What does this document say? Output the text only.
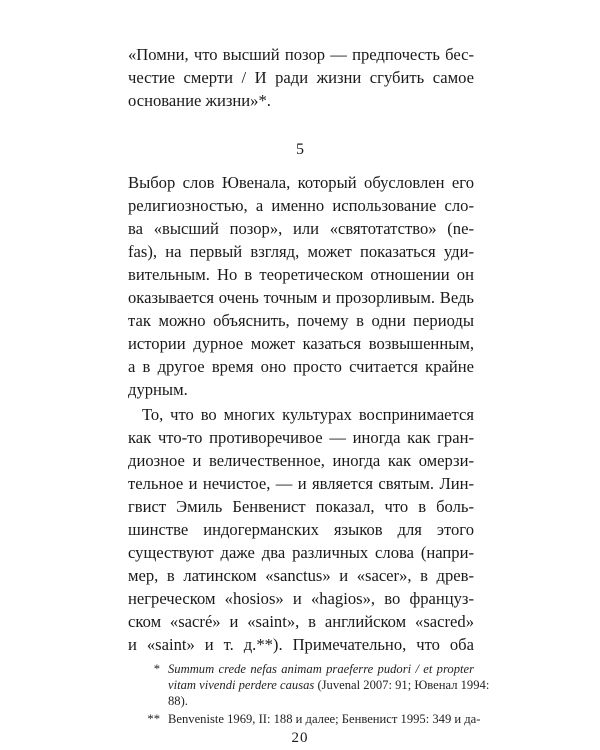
«Помни, что высший позор — предпочесть бес-
честие смерти / И ради жизни сгубить самое
основание жизни»*.
5
Выбор слов Ювенала, который обусловлен его
религиозностью, а именно использование сло-
ва «высший позор», или «святотатство» (ne-
fas), на первый взгляд, может показаться уди-
вительным. Но в теоретическом отношении он
оказывается очень точным и прозорливым. Ведь
так можно объяснить, почему в одни периоды
истории дурное может казаться возвышенным,
а в другое время оно просто считается крайне
дурным.
То, что во многих культурах воспринимается
как что-то противоречивое — иногда как гран-
диозное и величественное, иногда как омерзи-
тельное и нечистое, — и является святым. Лин-
гвист Эмиль Бенвенист показал, что в боль-
шинстве индогерманских языков для этого
существуют даже два различных слова (напри-
мер, в латинском «sanctus» и «sacer», в древ-
негреческом «hosios» и «hagios», во француз-
ском «sacré» и «saint», в английском «sacred»
и «saint» и т. д.**). Примечательно, что оба
* Summum crede nefas animam praeferre pudori / et propter
vitam vivendi perdere causas (Juvenal 2007: 91; Ювенал 1994:
88).
** Benveniste 1969, II: 188 и далее; Бенвенист 1995: 349 и да-
20
